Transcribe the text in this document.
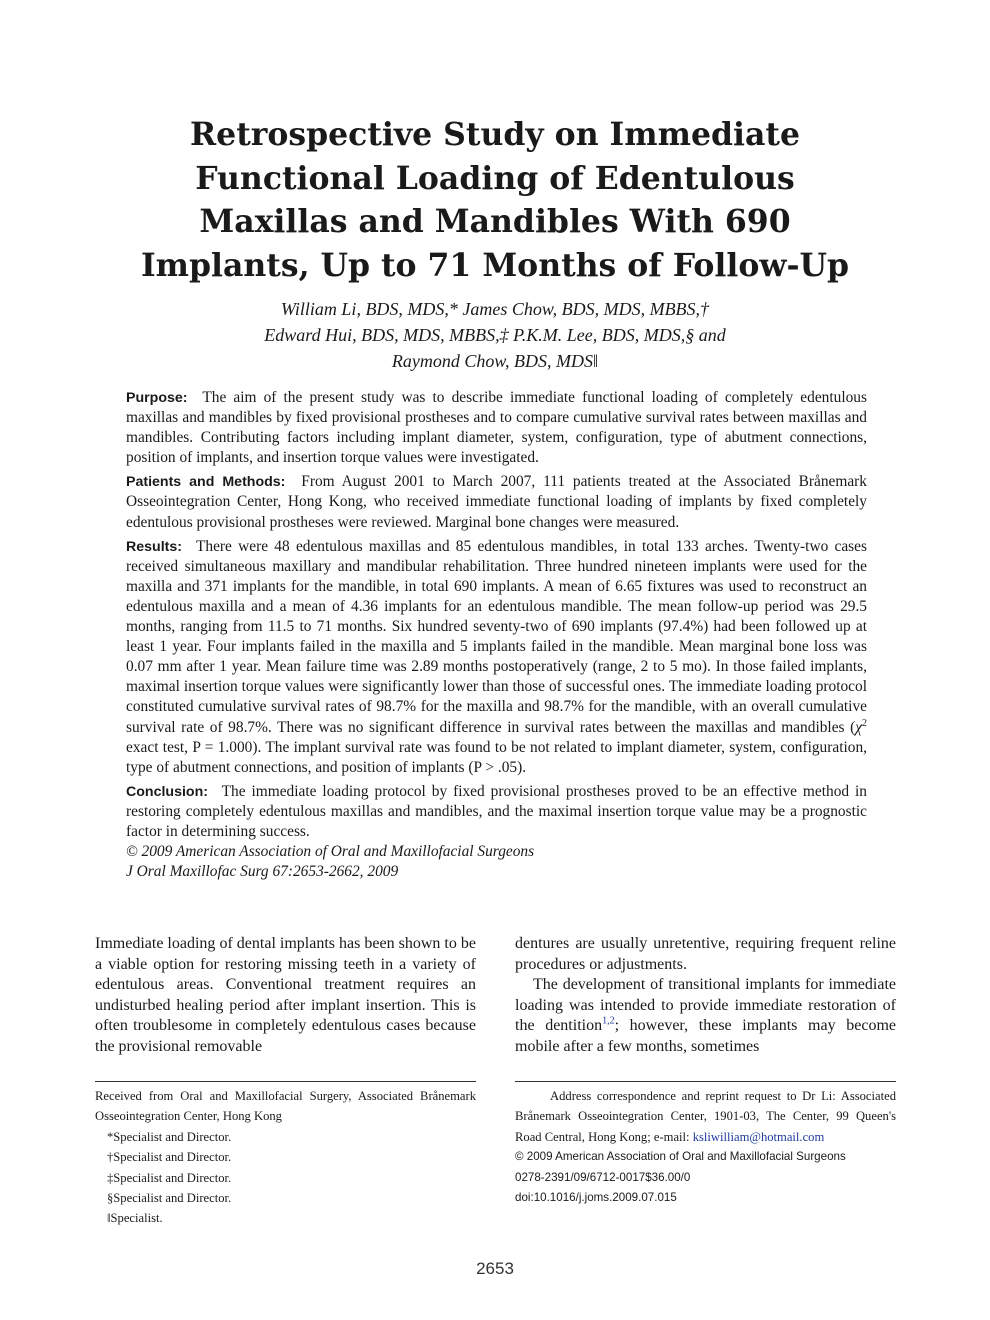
Retrospective Study on Immediate
Functional Loading of Edentulous
Maxillas and Mandibles With 690
Implants, Up to 71 Months of Follow-Up
William Li, BDS, MDS,* James Chow, BDS, MDS, MBBS,†
Edward Hui, BDS, MDS, MBBS,‡ P.K.M. Lee, BDS, MDS,§ and
Raymond Chow, BDS, MDS‖

Purpose: The aim of the present study was to describe immediate functional loading of completely edentulous maxillas and mandibles by fixed provisional prostheses and to compare cumulative survival rates between maxillas and mandibles. Contributing factors including implant diameter, system, configuration, type of abutment connections, position of implants, and insertion torque values were investigated.

Patients and Methods: From August 2001 to March 2007, 111 patients treated at the Associated Brånemark Osseointegration Center, Hong Kong, who received immediate functional loading of implants by fixed completely edentulous provisional prostheses were reviewed. Marginal bone changes were measured.

Results: There were 48 edentulous maxillas and 85 edentulous mandibles, in total 133 arches. Twenty-two cases received simultaneous maxillary and mandibular rehabilitation. Three hundred nineteen implants were used for the maxilla and 371 implants for the mandible, in total 690 implants. A mean of 6.65 fixtures was used to reconstruct an edentulous maxilla and a mean of 4.36 implants for an edentulous mandible. The mean follow-up period was 29.5 months, ranging from 11.5 to 71 months. Six hundred seventy-two of 690 implants (97.4%) had been followed up at least 1 year. Four implants failed in the maxilla and 5 implants failed in the mandible. Mean marginal bone loss was 0.07 mm after 1 year. Mean failure time was 2.89 months postoperatively (range, 2 to 5 mo). In those failed implants, maximal insertion torque values were significantly lower than those of successful ones. The immediate loading protocol constituted cumulative survival rates of 98.7% for the maxilla and 98.7% for the mandible, with an overall cumulative survival rate of 98.7%. There was no significant difference in survival rates between the maxillas and mandibles ($\chi^2$ exact test, P = 1.000). The implant survival rate was found to be not related to implant diameter, system, configuration, type of abutment connections, and position of implants (P > .05).

Conclusion: The immediate loading protocol by fixed provisional prostheses proved to be an effective method in restoring completely edentulous maxillas and mandibles, and the maximal insertion torque value may be a prognostic factor in determining success.
© 2009 American Association of Oral and Maxillofacial Surgeons
J Oral Maxillofac Surg 67:2653-2662, 2009

Immediate loading of dental implants has been shown to be a viable option for restoring missing teeth in a variety of edentulous areas. Conventional treatment requires an undisturbed healing period after implant insertion. This is often troublesome in completely edentulous cases because the provisional removable

dentures are usually unretentive, requiring frequent reline procedures or adjustments.

The development of transitional implants for immediate loading was intended to provide immediate restoration of the dentition$^{1,2}$; however, these implants may become mobile after a few months, sometimes

Received from Oral and Maxillofacial Surgery, Associated Brånemark Osseointegration Center, Hong Kong
*Specialist and Director.
†Specialist and Director.
‡Specialist and Director.
§Specialist and Director.
‖Specialist.
Address correspondence and reprint request to Dr Li: Associated Brånemark Osseointegration Center, 1901-03, The Center, 99 Queen's Road Central, Hong Kong; e-mail: ksliwilliam@hotmail.com
© 2009 American Association of Oral and Maxillofacial Surgeons
0278-2391/09/6712-0017$36.00/0
doi:10.1016/j.joms.2009.07.015
2653
